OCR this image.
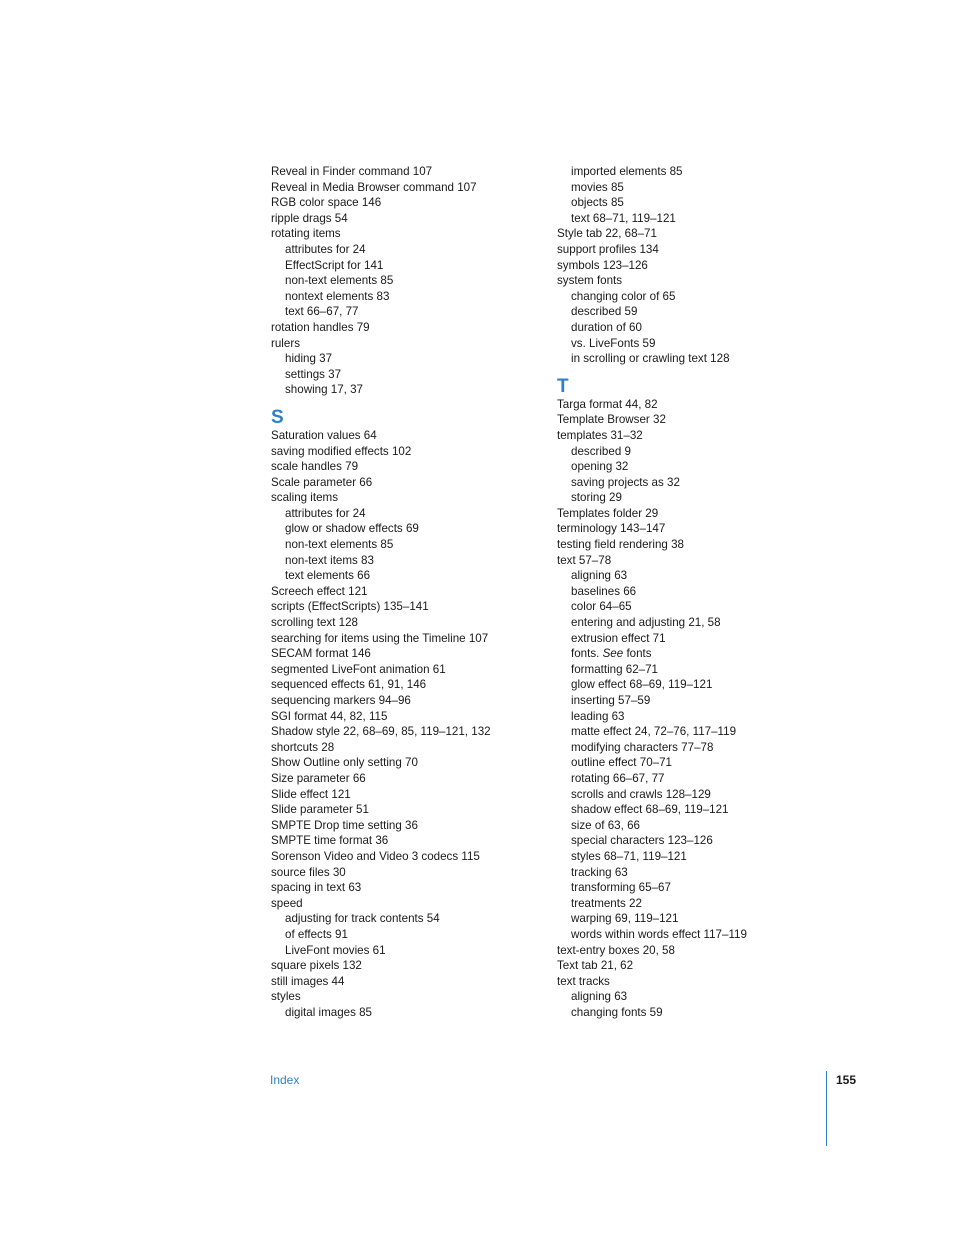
Reveal in Finder command 107
Reveal in Media Browser command 107
RGB color space 146
ripple drags 54
rotating items
attributes for 24
EffectScript for 141
non-text elements 85
nontext elements 83
text 66–67, 77
rotation handles 79
rulers
hiding 37
settings 37
showing 17, 37
S
Saturation values 64
saving modified effects 102
scale handles 79
Scale parameter 66
scaling items
attributes for 24
glow or shadow effects 69
non-text elements 85
non-text items 83
text elements 66
Screech effect 121
scripts (EffectScripts) 135–141
scrolling text 128
searching for items using the Timeline 107
SECAM format 146
segmented LiveFont animation 61
sequenced effects 61, 91, 146
sequencing markers 94–96
SGI format 44, 82, 115
Shadow style 22, 68–69, 85, 119–121, 132
shortcuts 28
Show Outline only setting 70
Size parameter 66
Slide effect 121
Slide parameter 51
SMPTE Drop time setting 36
SMPTE time format 36
Sorenson Video and Video 3 codecs 115
source files 30
spacing in text 63
speed
adjusting for track contents 54
of effects 91
LiveFont movies 61
square pixels 132
still images 44
styles
digital images 85
imported elements 85
movies 85
objects 85
text 68–71, 119–121
Style tab 22, 68–71
support profiles 134
symbols 123–126
system fonts
changing color of 65
described 59
duration of 60
vs. LiveFonts 59
in scrolling or crawling text 128
T
Targa format 44, 82
Template Browser 32
templates 31–32
described 9
opening 32
saving projects as 32
storing 29
Templates folder 29
terminology 143–147
testing field rendering 38
text 57–78
aligning 63
baselines 66
color 64–65
entering and adjusting 21, 58
extrusion effect 71
fonts. See fonts
formatting 62–71
glow effect 68–69, 119–121
inserting 57–59
leading 63
matte effect 24, 72–76, 117–119
modifying characters 77–78
outline effect 70–71
rotating 66–67, 77
scrolls and crawls 128–129
shadow effect 68–69, 119–121
size of 63, 66
special characters 123–126
styles 68–71, 119–121
tracking 63
transforming 65–67
treatments 22
warping 69, 119–121
words within words effect 117–119
text-entry boxes 20, 58
Text tab 21, 62
text tracks
aligning 63
changing fonts 59
Index	155
